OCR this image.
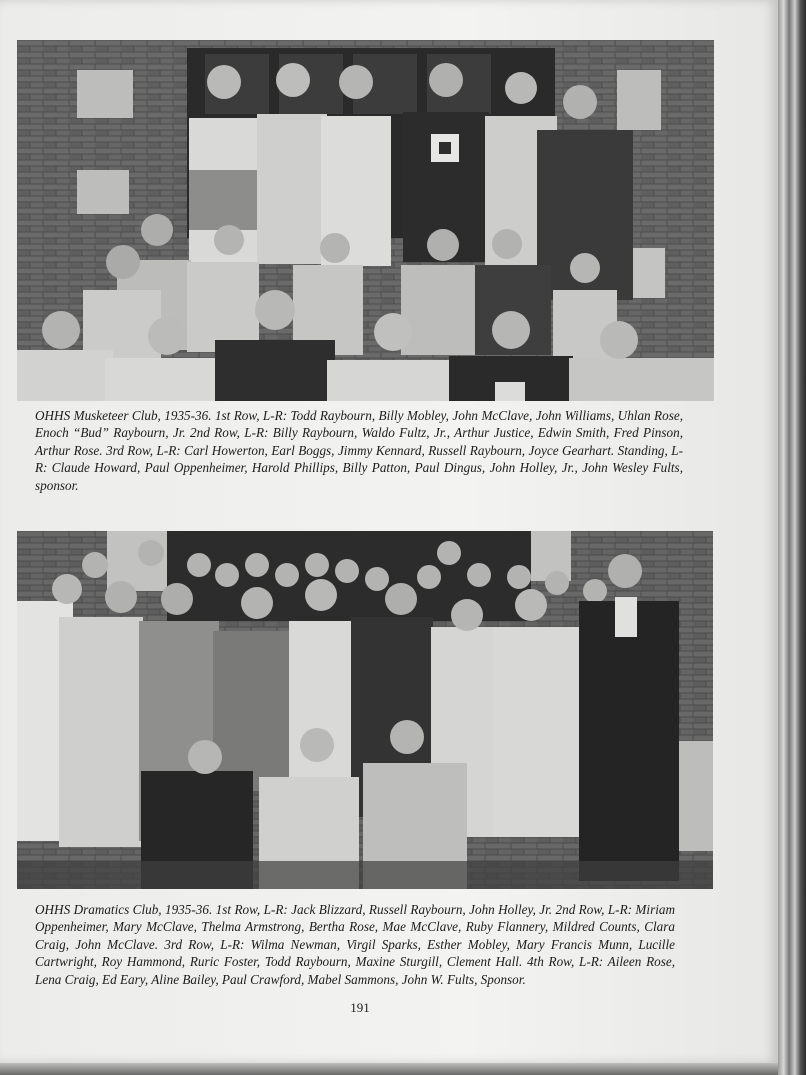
OHHS Musketeer Club, 1935-36. 1st Row, L-R: Todd Raybourn, Billy Mobley, John McClave, John Williams, Uhlan Rose, Enoch “Bud” Raybourn, Jr. 2nd Row, L-R: Billy Raybourn, Waldo Fultz, Jr., Arthur Justice, Edwin Smith, Fred Pinson, Arthur Rose. 3rd Row, L-R: Carl Howerton, Earl Boggs, Jimmy Kennard, Russell Raybourn, Joyce Gearhart. Standing, L-R: Claude Howard, Paul Oppenheimer, Harold Phillips, Billy Patton, Paul Dingus, John Holley, Jr., John Wesley Fults, sponsor.

OHHS Dramatics Club, 1935-36. 1st Row, L-R: Jack Blizzard, Russell Raybourn, John Holley, Jr. 2nd Row, L-R: Miriam Oppenheimer, Mary McClave, Thelma Armstrong, Bertha Rose, Mae McClave, Ruby Flannery, Mildred Counts, Clara Craig, John McClave. 3rd Row, L-R: Wilma Newman, Virgil Sparks, Esther Mobley, Mary Francis Munn, Lucille Cartwright, Roy Hammond, Ruric Foster, Todd Raybourn, Maxine Sturgill, Clement Hall. 4th Row, L-R: Aileen Rose, Lena Craig, Ed Eary, Aline Bailey, Paul Crawford, Mabel Sammons, John W. Fults, Sponsor.

191
